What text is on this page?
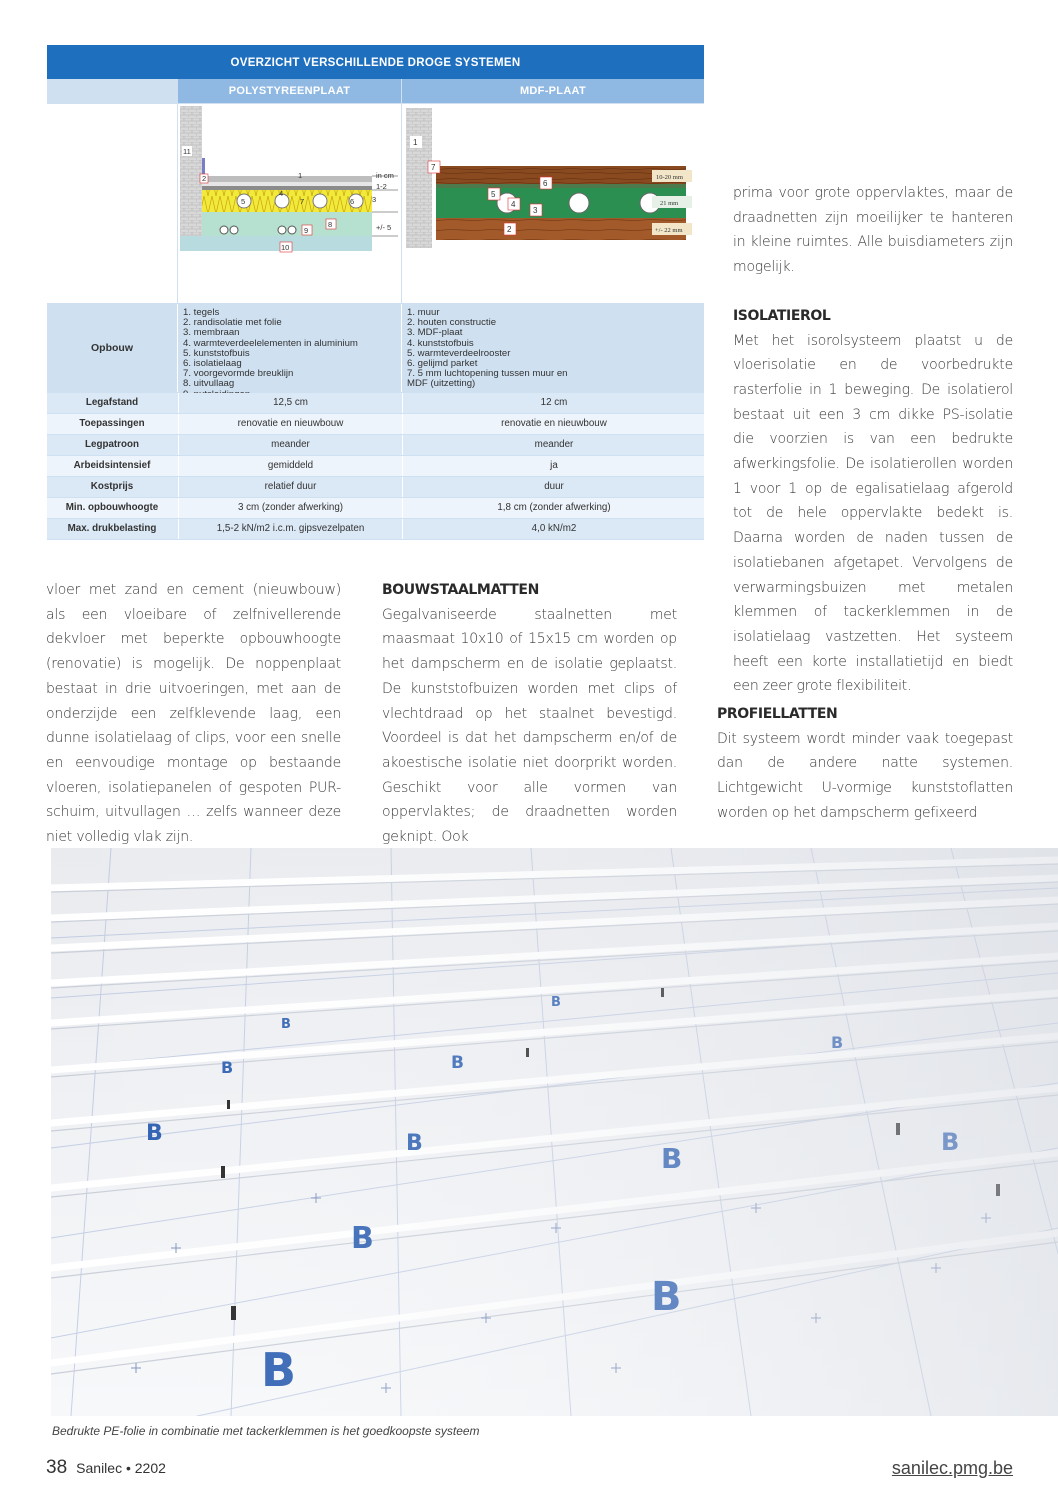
OVERZICHT VERSCHILLENDE DROGE SYSTEMEN
POLYSTYREENPLAAT	MDF-PLAAT
11
2	1
5	7
4
6 3
8
9
10
in cm
1-2
+/- 5
1
7
6
5
4
3
2
10-20 mm
21 mm
+/- 22 mm
Opbouw
1. tegels
2. randisolatie met folie
3. membraan
4. warmteverdeelelementen in aluminium
5. kunststofbuis
6. isolatielaag
7. voorgevormde breuklijn
8. uitvullaag
1. muur
2. houten constructie
3. MDF-plaat
4. kunststofbuis
5. warmteverdeelrooster
6. gelijmd parket
7. 5 mm luchtopening tussen muur en
MDF (uitzetting)
Legafstand	12,5 cm	12 cm
Toepassingen	renovatie en nieuwbouw	renovatie en nieuwbouw
Legpatroon	meander	meander
Arbeidsintensief	gemiddeld	ja
Kostprijs	relatief duur	duur
Min. opbouwhoogte	3 cm (zonder afwerking)	1,8 cm (zonder afwerking)
Max. drukbelasting	1,5-2 kN/m2 i.c.m. gipsvezelpaten	4,0 kN/m2

vloer met zand en cement (nieuwbouw) als een vloeibare of zelfnivellerende dekvloer met beperkte opbouwhoogte (renovatie) is mogelijk. De noppenplaat bestaat in drie uitvoeringen, met aan de onderzijde een zelfklevende laag, een dunne isolatielaag of clips, voor een snelle en eenvoudige montage op bestaande vloeren, isolatiepanelen of gespoten PUR-schuim, uitvullagen … zelfs wanneer deze niet volledig vlak zijn.

BOUWSTAALMATTEN

Gegalvaniseerde staalnetten met maasmaat 10x10 of 15x15 cm worden op het dampscherm en de isolatie geplaatst. De kunststofbuizen worden met clips of vlechtdraad op het staalnet bevestigd. Voordeel is dat het dampscherm en/of de akoestische isolatie niet doorprikt worden. Geschikt voor alle vormen van oppervlaktes; de draadnetten worden geknipt. Ook

prima voor grote oppervlaktes, maar de draadnetten zijn moeilijker te hanteren in kleine ruimtes. Alle buisdiameters zijn mogelijk.

ISOLATIEROL

Met het isorolsysteem plaatst u de vloerisolatie en de voorbedrukte rasterfolie in 1 beweging. De isolatierol bestaat uit een 3 cm dikke PS-isolatie die voorzien is van een bedrukte afwerkingsfolie. De isolatierollen worden 1 voor 1 op de egalisatielaag afgerold tot de hele oppervlakte bedekt is. Daarna worden de naden tussen de isolatiebanen afgetapet. Vervolgens de verwarmingsbuizen met metalen klemmen of tackerklemmen in de isolatielaag vastzetten. Het systeem heeft een korte installatietijd en biedt een zeer grote flexibiliteit.

PROFIELLATTEN

Dit systeem wordt minder vaak toegepast dan de andere natte systemen. Lichtgewicht U-vormige kunststoflatten worden op het dampscherm gefixeerd

Bedrukte PE-folie in combinatie met tackerklemmen is het goedkoopste systeem
38 Sanilec • 2202	sanilec.pmg.be
